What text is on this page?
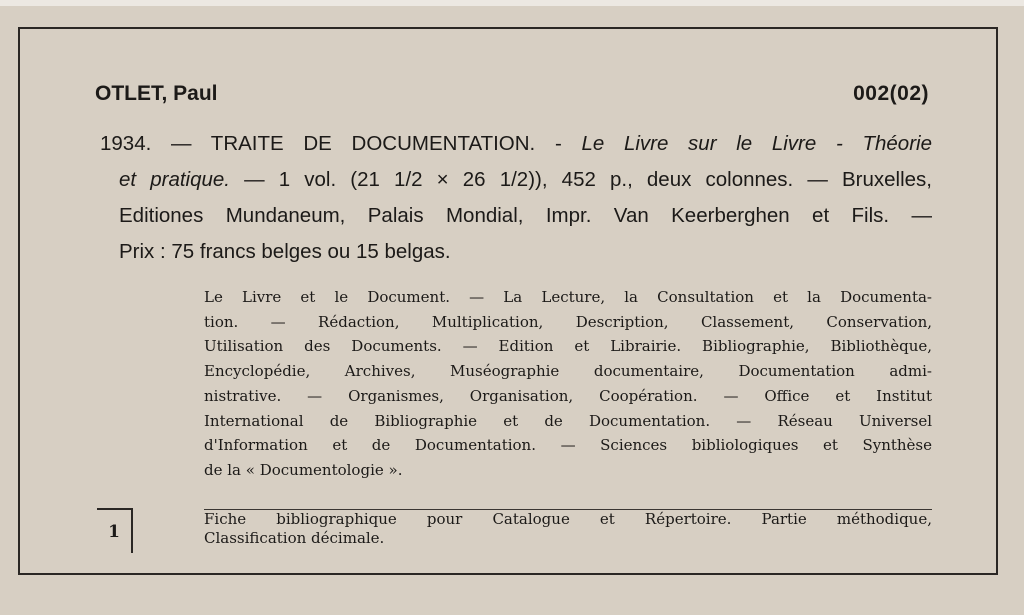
OTLET, Paul	002(02)
1934. — TRAITE DE DOCUMENTATION. - Le Livre sur le Livre - Théorie
et pratique. — 1 vol. (21 1/2 × 26 1/2)), 452 p., deux colonnes. — Bruxelles,
Editiones Mundaneum, Palais Mondial, Impr. Van Keerberghen et Fils. —
Prix : 75 francs belges ou 15 belgas.
Le Livre et le Document. — La Lecture, la Consultation et la Documenta-
tion. — Rédaction, Multiplication, Description, Classement, Conservation,
Utilisation des Documents. — Edition et Librairie. Bibliographie, Bibliothèque,
Encyclopédie, Archives, Muséographie documentaire, Documentation admi-
nistrative. — Organismes, Organisation, Coopération. — Office et Institut
International de Bibliographie et de Documentation. — Réseau Universel
d'Information et de Documentation. — Sciences bibliologiques et Synthèse
de la « Documentologie ».
Fiche bibliographique pour Catalogue et Répertoire. Partie méthodique,
Classification décimale.
1
